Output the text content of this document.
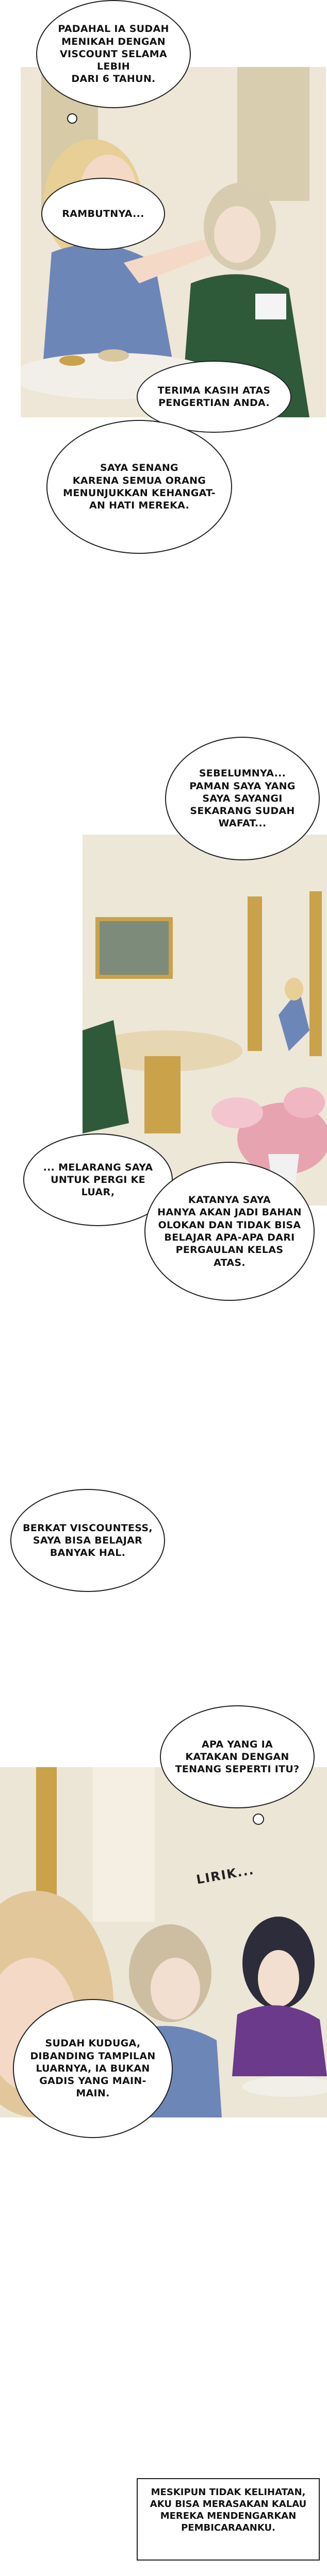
PADAHAL IA SUDAH
MENIKAH DENGAN
VISCOUNT SELAMA LEBIH
DARI 6 TAHUN.
RAMBUTNYA...
TERIMA KASIH ATAS
PENGERTIAN ANDA.
SAYA SENANG
KARENA SEMUA ORANG
MENUNJUKKAN KEHANGAT-
AN HATI MEREKA.
SEBELUMNYA...
PAMAN SAYA YANG
SAYA SAYANGI
SEKARANG SUDAH
WAFAT...
... MELARANG SAYA
UNTUK PERGI KE LUAR,
KATANYA SAYA
HANYA AKAN JADI BAHAN
OLOKAN DAN TIDAK BISA
BELAJAR APA-APA DARI
PERGAULAN KELAS
ATAS.
BERKAT VISCOUNTESS,
SAYA BISA BELAJAR
BANYAK HAL.
APA YANG IA
KATAKAN DENGAN
TENANG SEPERTI ITU?
LIRIK...
SUDAH KUDUGA,
DIBANDING TAMPILAN
LUARNYA, IA BUKAN
GADIS YANG MAIN-
MAIN.
MESKIPUN TIDAK KELIHATAN,
AKU BISA MERASAKAN KALAU
MEREKA MENDENGARKAN
PEMBICARAANKU.
